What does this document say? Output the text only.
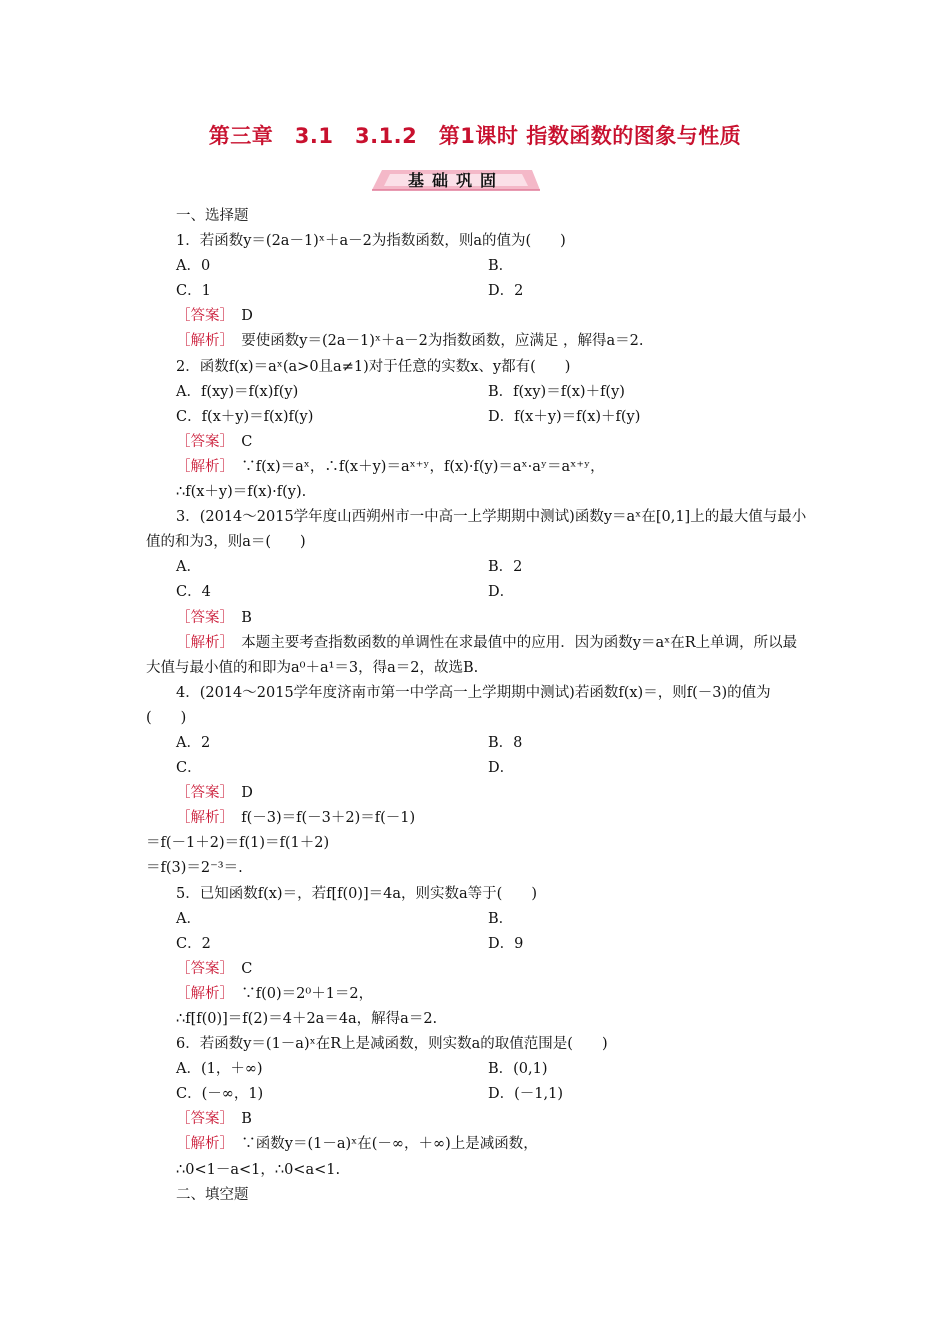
第三章　3.1　3.1.2　第1课时 指数函数的图象与性质
基础巩固
一、选择题
1．若函数y＝(2a－1)ˣ＋a－2为指数函数，则a的值为(　　)
A．0	B．
C．1	D．2
［答案］　 D
［解析］　 要使函数y＝(2a－1)ˣ＋a－2为指数函数，应满足 ，解得a＝2.
2．函数f(x)＝aˣ(a>0且a≠1)对于任意的实数x、y都有(　　)
A．f(xy)＝f(x)f(y)	B．f(xy)＝f(x)＋f(y)
C．f(x＋y)＝f(x)f(y)	D．f(x＋y)＝f(x)＋f(y)
［答案］　 C
［解析］　 ∵f(x)＝aˣ，∴f(x＋y)＝aˣ⁺ʸ，f(x)·f(y)＝aˣ·aʸ＝aˣ⁺ʸ，
∴f(x＋y)＝f(x)·f(y).
3．(2014～2015学年度山西朔州市一中高一上学期期中测试)函数y＝aˣ在[0,1]上的最大值与最小值的和为3，则a＝(　　)
A．	B．2
C．4	D．
［答案］　 B
［解析］　 本题主要考查指数函数的单调性在求最值中的应用．因为函数y＝aˣ在R上单调，所以最大值与最小值的和即为a⁰＋a¹＝3，得a＝2，故选B.
4．(2014～2015学年度济南市第一中学高一上学期期中测试)若函数f(x)＝，则f(－3)的值为(　　)
A．2	B．8
C．	D．
［答案］　 D
［解析］　 f(－3)＝f(－3＋2)＝f(－1)
＝f(－1＋2)＝f(1)＝f(1＋2)
＝f(3)＝2⁻³＝.
5．已知函数f(x)＝，若f[f(0)]＝4a，则实数a等于(　　)
A．	B．
C．2	D．9
［答案］　 C
［解析］　 ∵f(0)＝2⁰＋1＝2，
∴f[f(0)]＝f(2)＝4＋2a＝4a，解得a＝2.
6．若函数y＝(1－a)ˣ在R上是减函数，则实数a的取值范围是(　　)
A．(1，＋∞)	B．(0,1)
C．(－∞，1)	D．(－1,1)
［答案］　 B
［解析］　 ∵函数y＝(1－a)ˣ在(－∞，＋∞)上是减函数，
∴0<1－a<1，∴0<a<1.
二、填空题
